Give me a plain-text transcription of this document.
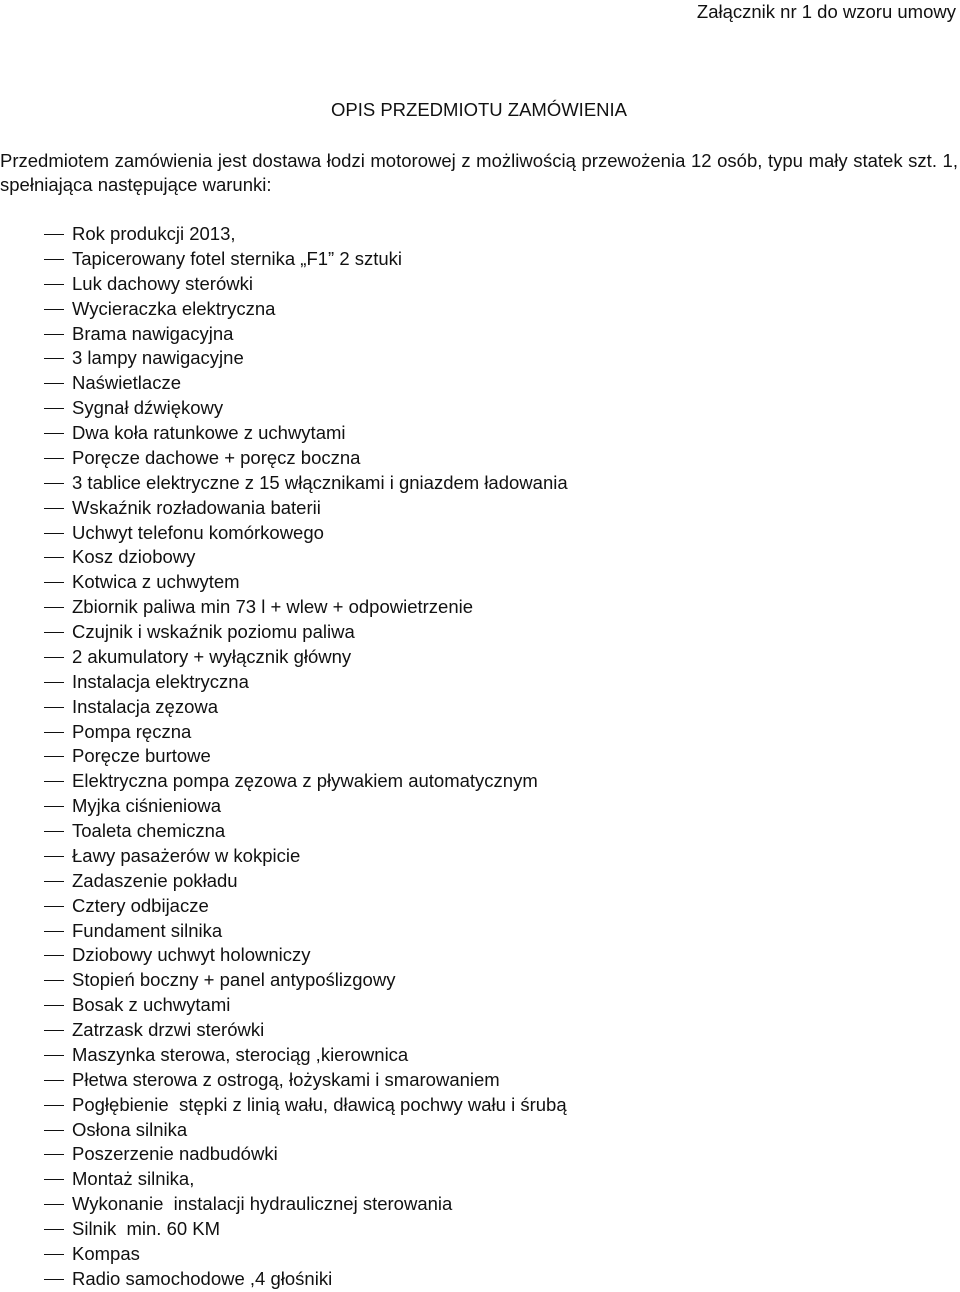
Załącznik nr 1 do wzoru umowy
OPIS PRZEDMIOTU ZAMÓWIENIA
Przedmiotem zamówienia jest dostawa łodzi motorowej z możliwością przewożenia 12 osób, typu mały statek szt. 1, spełniająca następujące warunki:
Rok produkcji 2013,
Tapicerowany fotel sternika „F1” 2 sztuki
Luk dachowy sterówki
Wycieraczka elektryczna
Brama nawigacyjna
3 lampy nawigacyjne
Naświetlacze
Sygnał dźwiękowy
Dwa koła ratunkowe z uchwytami
Poręcze dachowe + poręcz boczna
3 tablice elektryczne z 15 włącznikami i gniazdem ładowania
Wskaźnik rozładowania baterii
Uchwyt telefonu komórkowego
Kosz dziobowy
Kotwica z uchwytem
Zbiornik paliwa min 73 l + wlew + odpowietrzenie
Czujnik i wskaźnik poziomu paliwa
2 akumulatory + wyłącznik główny
Instalacja elektryczna
Instalacja zęzowa
Pompa ręczna
Poręcze burtowe
Elektryczna pompa zęzowa z pływakiem automatycznym
Myjka ciśnieniowa
Toaleta chemiczna
Ławy pasażerów w kokpicie
Zadaszenie pokładu
Cztery odbijacze
Fundament silnika
Dziobowy uchwyt holowniczy
Stopień boczny + panel antypoślizgowy
Bosak z uchwytami
Zatrzask drzwi sterówki
Maszynka sterowa, sterociąg ,kierownica
Płetwa sterowa z ostrogą, łożyskami i smarowaniem
Pogłębienie  stępki z linią wału, dławicą pochwy wału i śrubą
Osłona silnika
Poszerzenie nadbudówki
Montaż silnika,
Wykonanie  instalacji hydraulicznej sterowania
Silnik  min. 60 KM
Kompas
Radio samochodowe ,4 głośniki
